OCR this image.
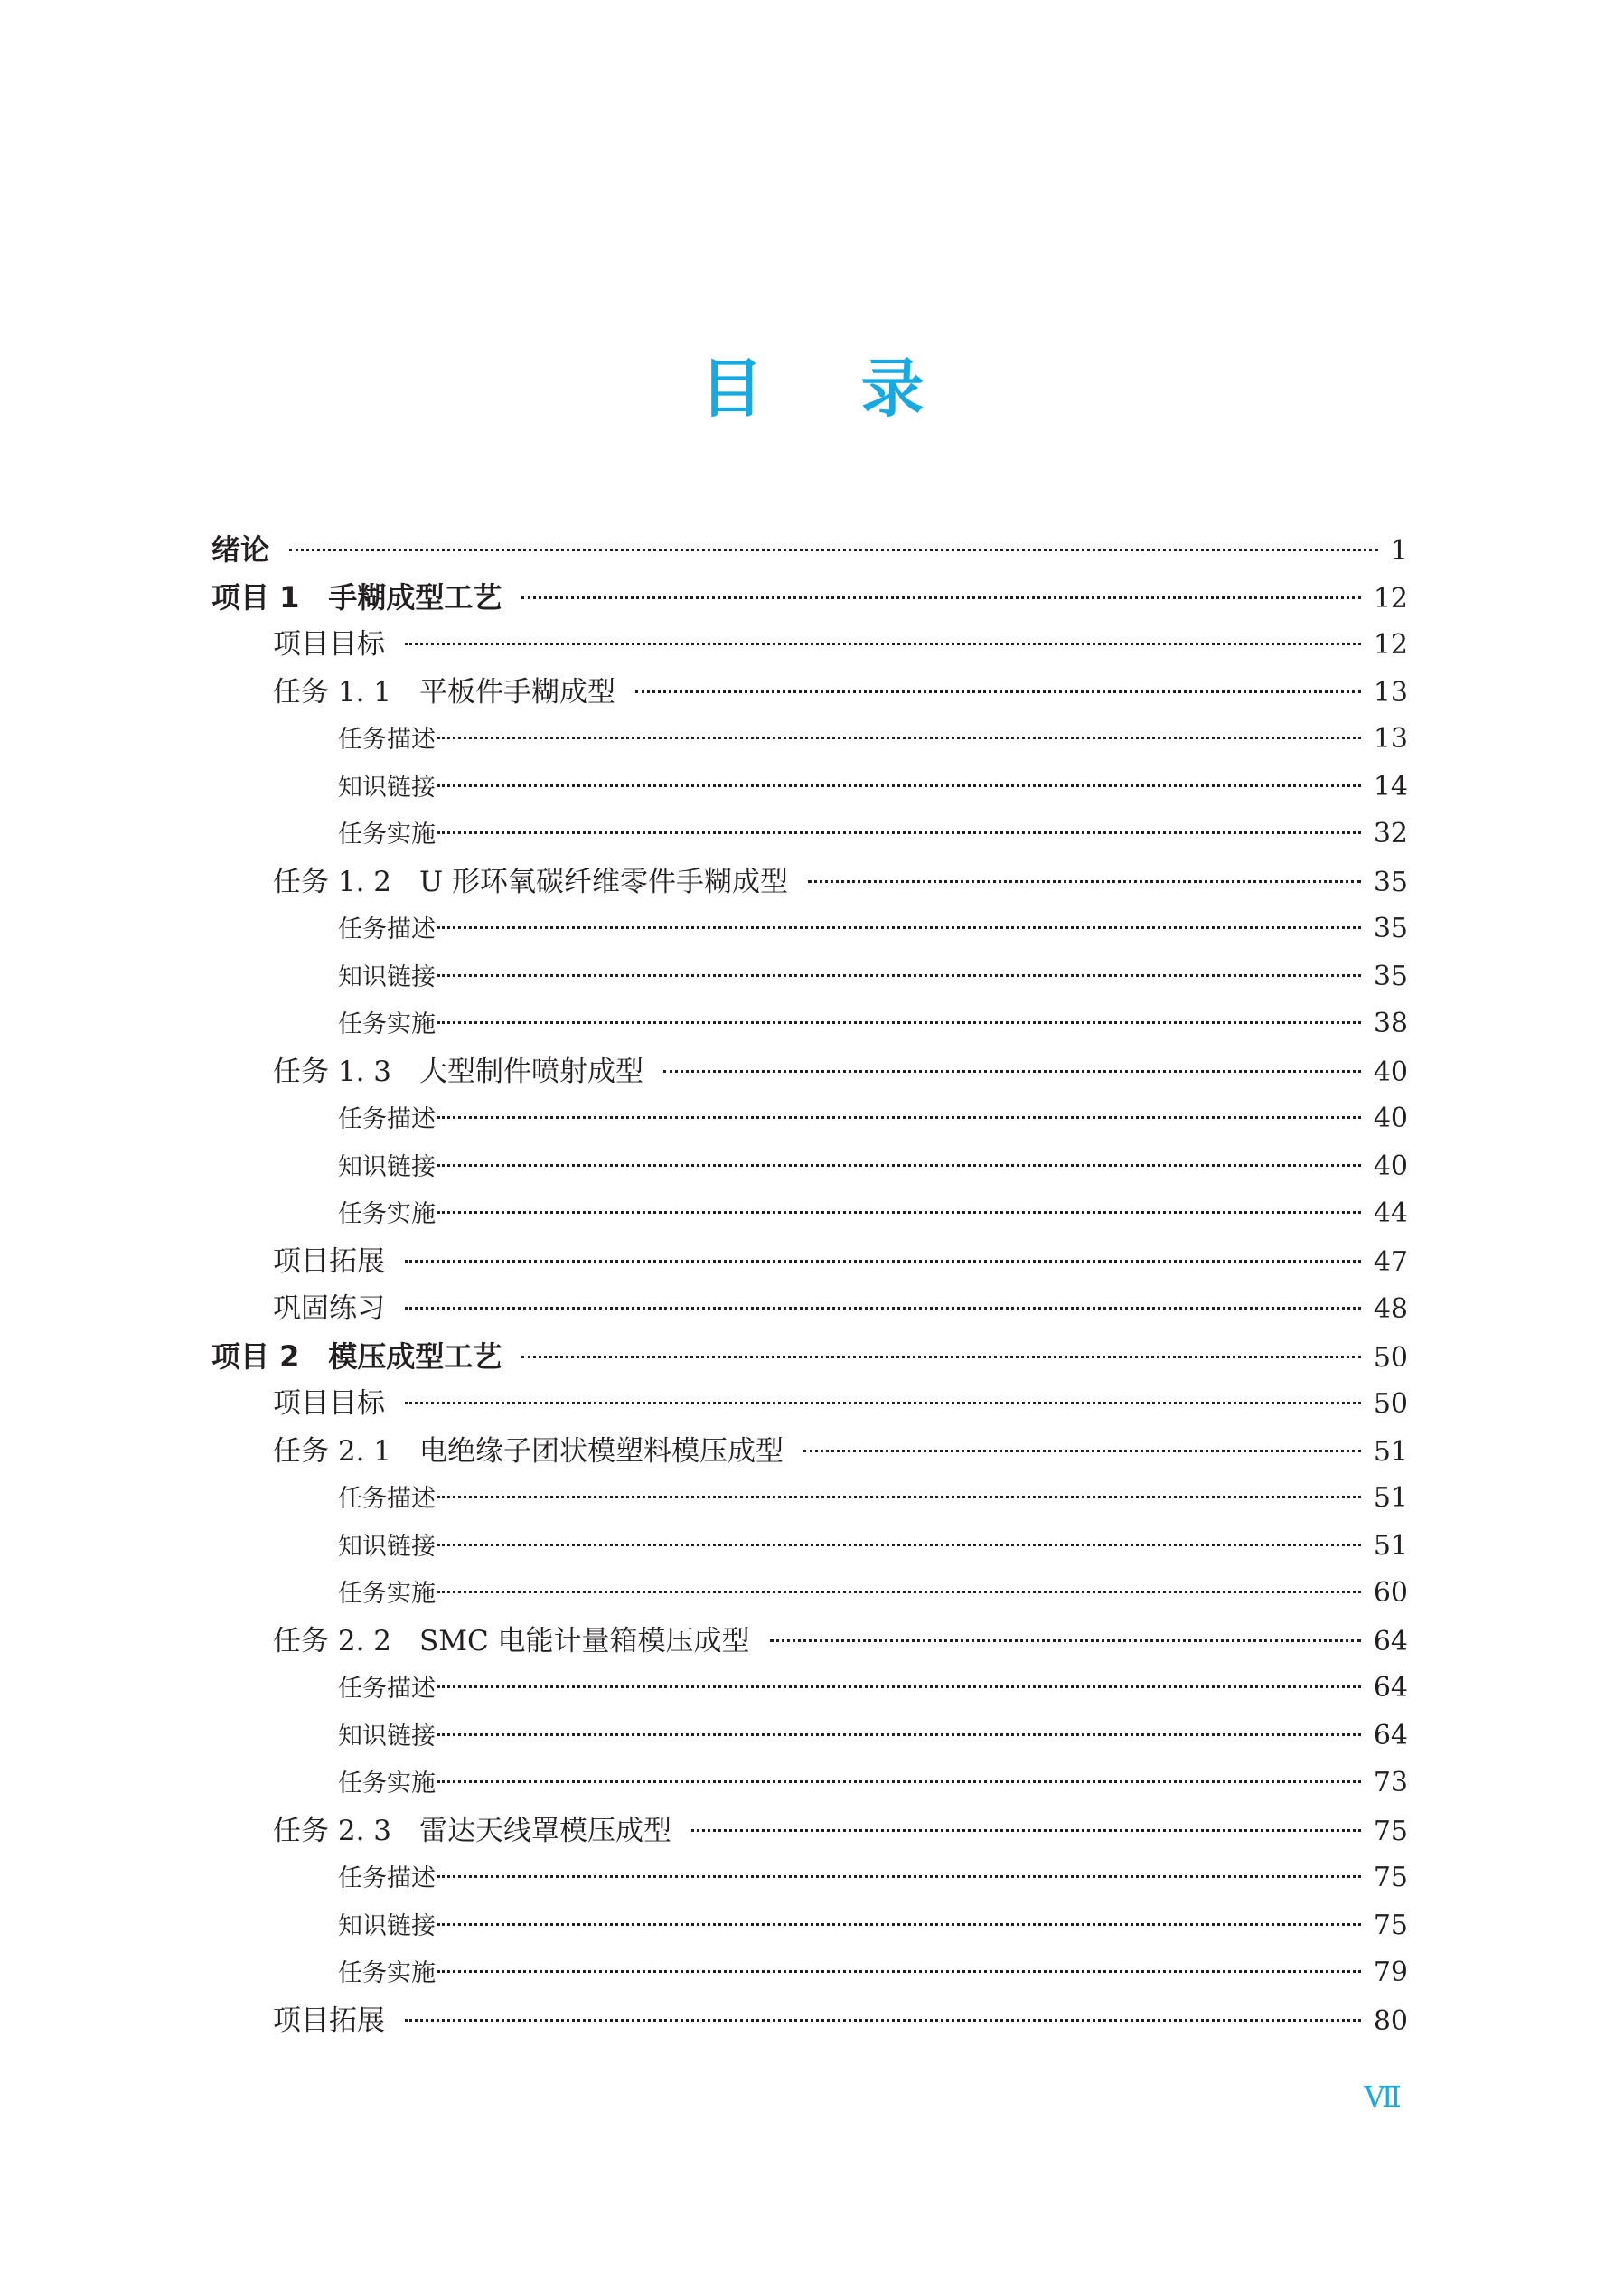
目 录
绪论	1
项目 1　手糊成型工艺	12
项目目标	12
任务 1. 1　平板件手糊成型	13
任务描述	13
知识链接	14
任务实施	32
任务 1. 2　U 形环氧碳纤维零件手糊成型	35
任务描述	35
知识链接	35
任务实施	38
任务 1. 3　大型制件喷射成型	40
任务描述	40
知识链接	40
任务实施	44
项目拓展	47
巩固练习	48
项目 2　模压成型工艺	50
项目目标	50
任务 2. 1　电绝缘子团状模塑料模压成型	51
任务描述	51
知识链接	51
任务实施	60
任务 2. 2　SMC 电能计量箱模压成型	64
任务描述	64
知识链接	64
任务实施	73
任务 2. 3　雷达天线罩模压成型	75
任务描述	75
知识链接	75
任务实施	79
项目拓展	80
Ⅶ
